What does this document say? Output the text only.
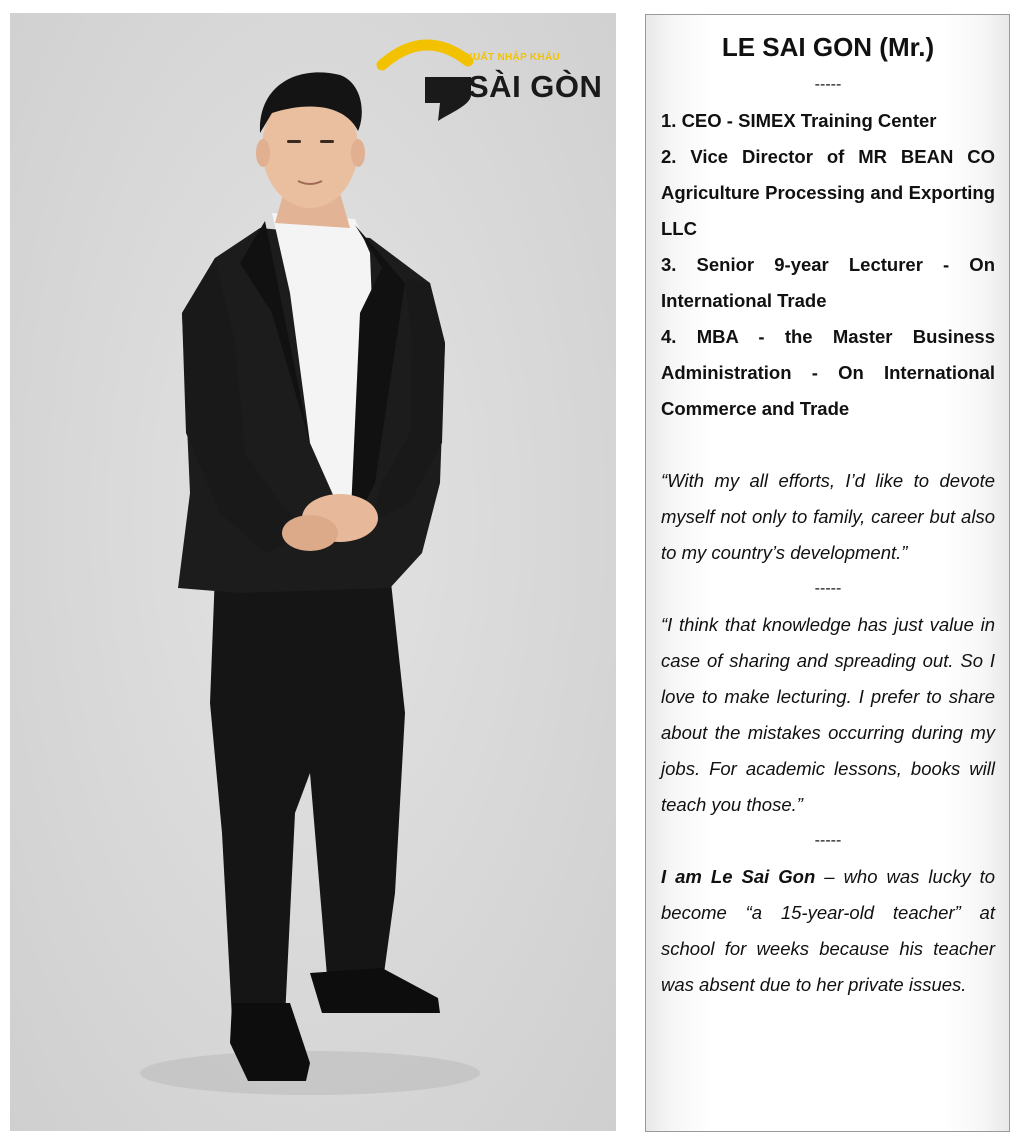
XUẤT NHẬP KHẨU
SÀI GÒN
LE SAI GON (Mr.)
-----

1. CEO - SIMEX Training Center

2. Vice Director of MR BEAN CO Agriculture Processing and Exporting LLC

3. Senior 9-year Lecturer - On International Trade

4. MBA - the Master Business Administration - On International Commerce and Trade

“With my all efforts, I’d like to devote myself not only to family, career but also to my country’s development.”

-----

“I think that knowledge has just value in case of sharing and spreading out. So I love to make lecturing. I prefer to share about the mistakes occurring during my jobs. For academic lessons, books will teach you those.”

-----

I am Le Sai Gon – who was lucky to become “a 15-year-old teacher” at school for weeks because his teacher was absent due to her private issues.
